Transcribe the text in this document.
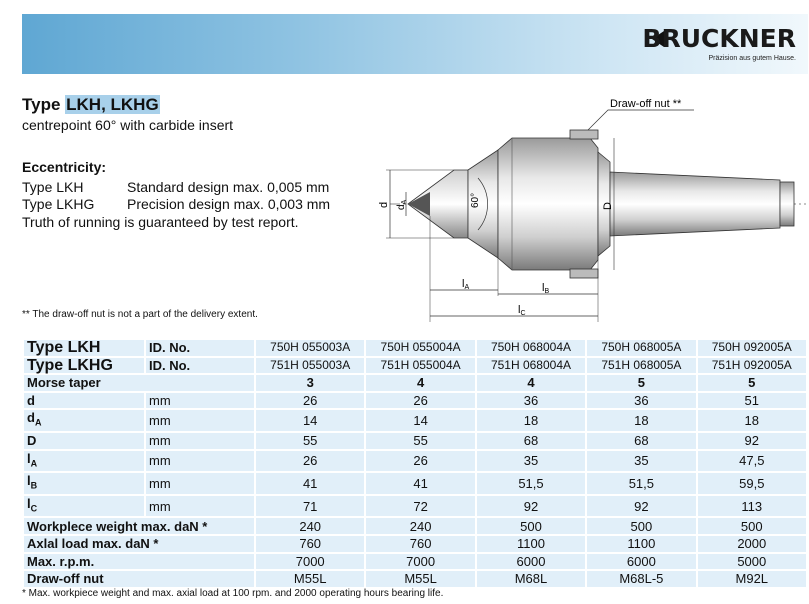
BRUCKNER
Präzision aus gutem Hause.
Type LKH, LKHG
centrepoint 60° with carbide insert
Eccentricity:
Type LKH	Standard design max. 0,005 mm
Type LKHG Precision design max. 0,003 mm
Truth of running is guaranteed by test report.
Draw-off nut **
60°
d $d_A$	D
lA	lB
lC
** The draw-off nut is not a part of the delivery extent.
Type LKH	ID. No.	750H 055003A	750H 055004A	750H 068004A	750H 068005A	750H 092005A
Type LKHG	ID. No.	751H 055003A	751H 055004A	751H 068004A	751H 068005A	751H 092005A
Morse taper		3	4	4	5	5
d	mm	26	26	36	36	51
$d_A$	mm	14	14	18	18	18
D	mm	55	55	68	68	92
$l_A$	mm	26	26	35	35	47,5
$l_B$	mm	41	41	51,5	51,5	59,5
$l_C$	mm	71	72	92	92	113
Workplece weight max. daN *		240	240	500	500	500
Axlal load max. daN *		760	760	1100	1100	2000
Max. r.p.m.		7000	7000	6000	6000	5000
Draw-off nut		M55L	M55L	M68L	M68L-5	M92L
* Max. workpiece weight and max. axial load at 100 rpm. and 2000 operating hours bearing life.
